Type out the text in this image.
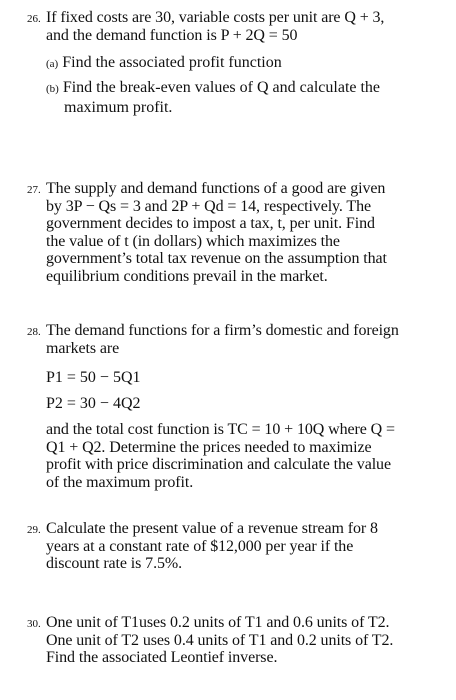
26. If fixed costs are 30, variable costs per unit are Q + 3,
and the demand function is P + 2Q = 50
(a) Find the associated profit function
(b) Find the break-even values of Q and calculate the
maximum profit.
27. The supply and demand functions of a good are given
by 3P − Qs = 3 and 2P + Qd = 14, respectively. The
government decides to impost a tax, t, per unit. Find
the value of t (in dollars) which maximizes the
government’s total tax revenue on the assumption that
equilibrium conditions prevail in the market.
28. The demand functions for a firm’s domestic and foreign
markets are
P1 = 50 − 5Q1
P2 = 30 − 4Q2
and the total cost function is TC = 10 + 10Q where Q =
Q1 + Q2. Determine the prices needed to maximize
profit with price discrimination and calculate the value
of the maximum profit.
29. Calculate the present value of a revenue stream for 8
years at a constant rate of $12,000 per year if the
discount rate is 7.5%.
30. One unit of T1uses 0.2 units of T1 and 0.6 units of T2.
One unit of T2 uses 0.4 units of T1 and 0.2 units of T2.
Find the associated Leontief inverse.
